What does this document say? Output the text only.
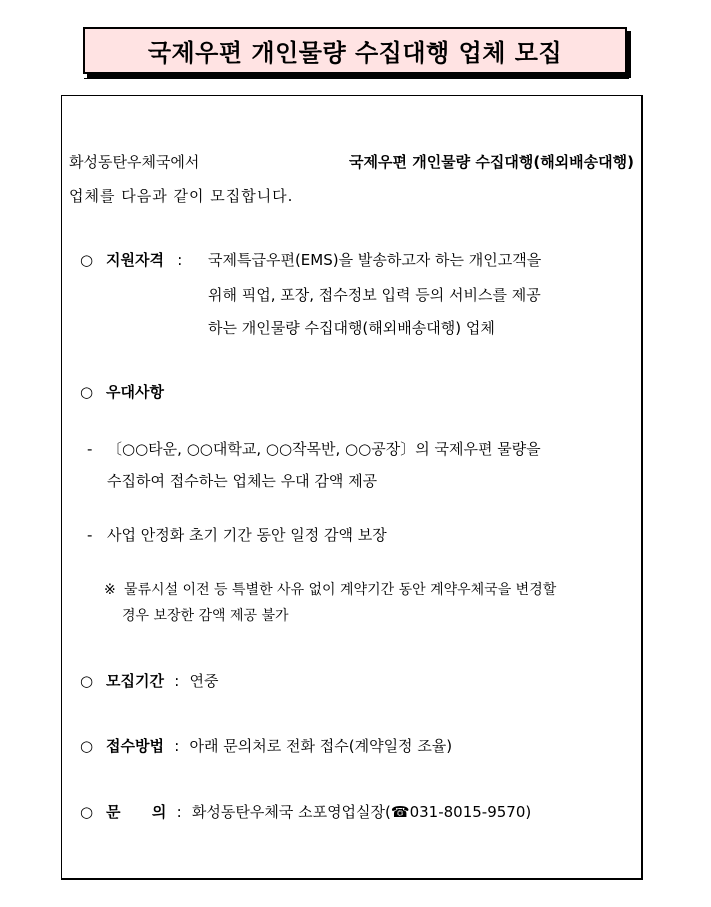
국제우편 개인물량 수집대행 업체 모집
화성동탄우체국에서	국제우편 개인물량 수집대행(해외배송대행)
업체를 다음과 같이 모집합니다.
○ 지원자격 :	국제특급우편(EMS)을 발송하고자 하는 개인고객을
위해 픽업, 포장, 접수정보 입력 등의 서비스를 제공
하는 개인물량 수집대행(해외배송대행) 업체
○ 우대사항
- 〔○○타운, ○○대학교, ○○작목반, ○○공장〕의 국제우편 물량을
수집하여 접수하는 업체는 우대 감액 제공
- 사업 안정화 초기 기간 동안 일정 감액 보장
※ 물류시설 이전 등 특별한 사유 없이 계약기간 동안 계약우체국을 변경할
경우 보장한 감액 제공 불가
○ 모집기간 : 연중
○ 접수방법 : 아래 문의처로 전화 접수(계약일정 조율)
○ 문      의 : 화성동탄우체국 소포영업실장(☎031-8015-9570)
